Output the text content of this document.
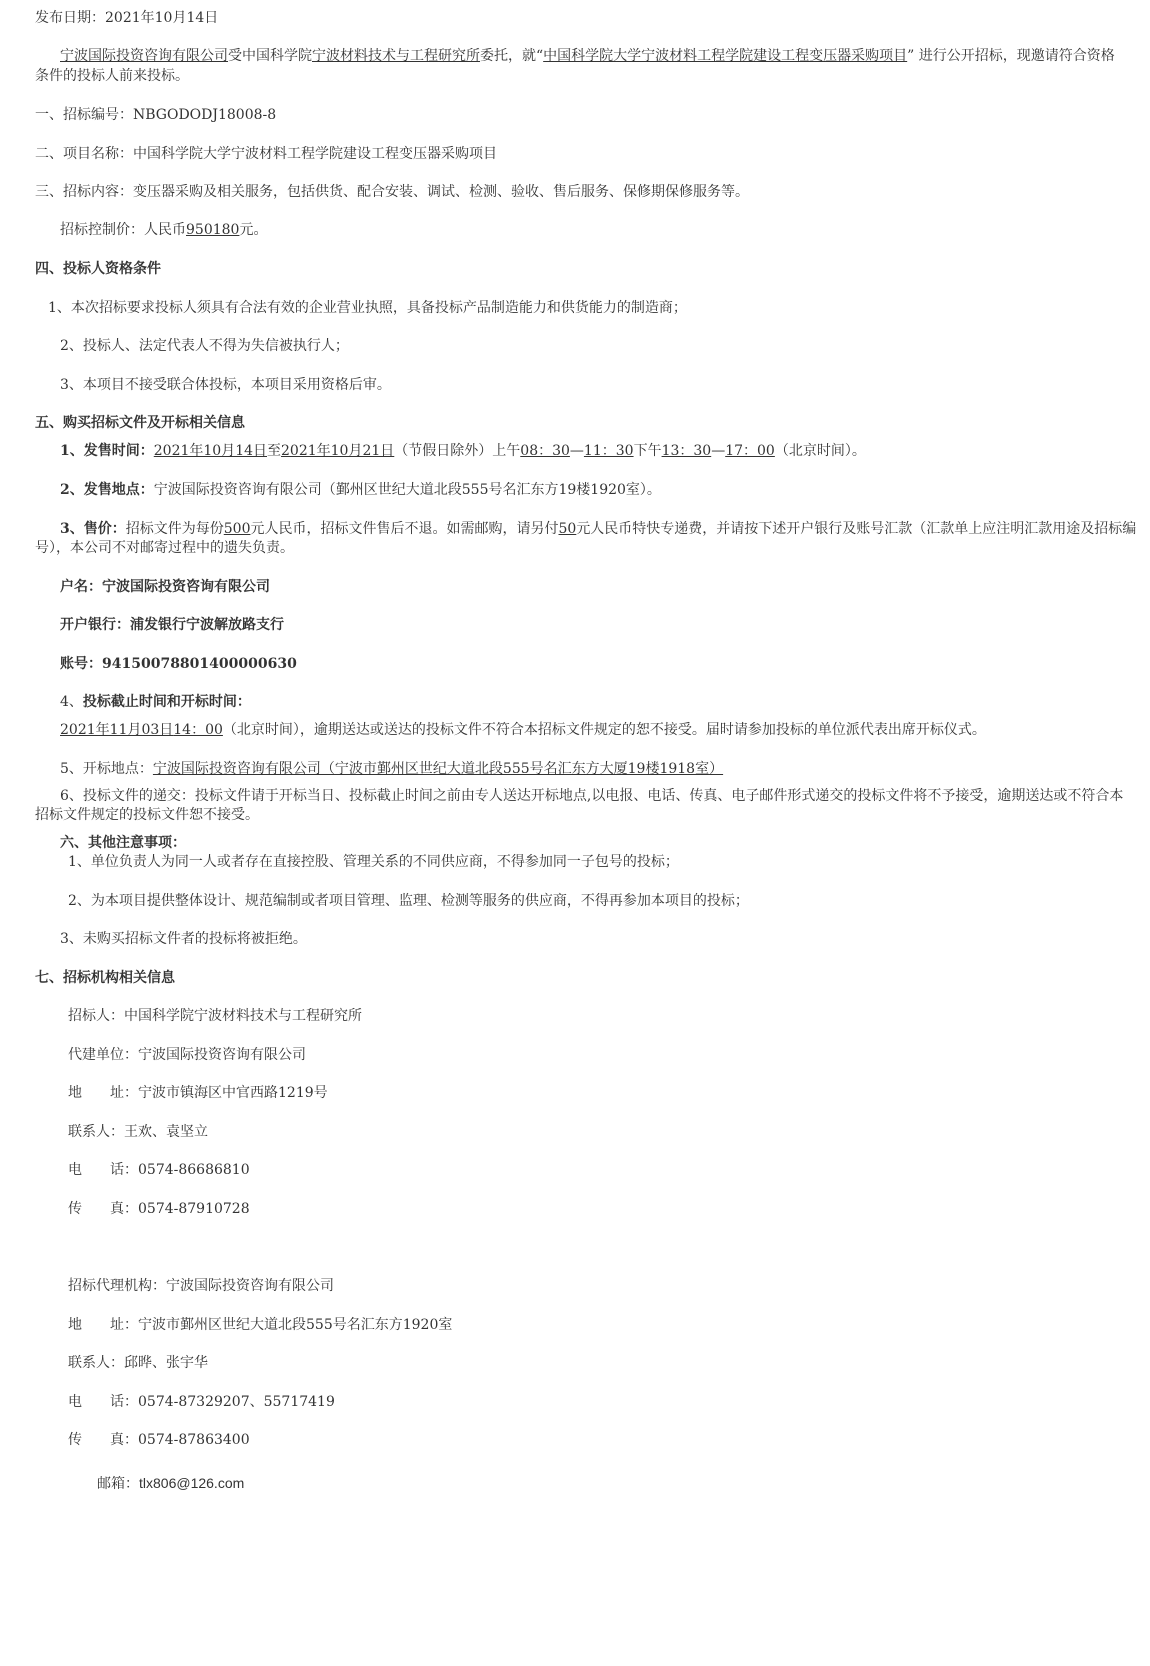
发布日期：2021年10月14日
宁波国际投资咨询有限公司受中国科学院宁波材料技术与工程研究所委托，就“中国科学院大学宁波材料工程学院建设工程变压器采购项目” 进行公开招标，现邀请符合资格
条件的投标人前来投标。
一、招标编号：NBGODODJ18008-8
二、项目名称：中国科学院大学宁波材料工程学院建设工程变压器采购项目
三、招标内容：变压器采购及相关服务，包括供货、配合安装、调试、检测、验收、售后服务、保修期保修服务等。
招标控制价：人民币950180元。
四、投标人资格条件
1、本次招标要求投标人须具有合法有效的企业营业执照，具备投标产品制造能力和供货能力的制造商；
2、投标人、法定代表人不得为失信被执行人；
3、本项目不接受联合体投标，本项目采用资格后审。
五、购买招标文件及开标相关信息
1、发售时间：2021年10月14日至2021年10月21日（节假日除外）上午08：30—11：30下午13：30—17：00（北京时间）。
2、发售地点：宁波国际投资咨询有限公司（鄞州区世纪大道北段555号名汇东方19楼1920室）。
3、售价：招标文件为每份500元人民币，招标文件售后不退。如需邮购，请另付50元人民币特快专递费，并请按下述开户银行及账号汇款（汇款单上应注明汇款用途及招标编
号），本公司不对邮寄过程中的遗失负责。
户名：宁波国际投资咨询有限公司
开户银行：浦发银行宁波解放路支行
账号：94150078801400000630
4、投标截止时间和开标时间：
2021年11月03日14：00（北京时间），逾期送达或送达的投标文件不符合本招标文件规定的恕不接受。届时请参加投标的单位派代表出席开标仪式。
5、开标地点：宁波国际投资咨询有限公司（宁波市鄞州区世纪大道北段555号名汇东方大厦19楼1918室）
6、投标文件的递交：投标文件请于开标当日、投标截止时间之前由专人送达开标地点,以电报、电话、传真、电子邮件形式递交的投标文件将不予接受，逾期送达或不符合本
招标文件规定的投标文件恕不接受。
六、其他注意事项：
1、单位负责人为同一人或者存在直接控股、管理关系的不同供应商，不得参加同一子包号的投标；
2、为本项目提供整体设计、规范编制或者项目管理、监理、检测等服务的供应商，不得再参加本项目的投标；
3、未购买招标文件者的投标将被拒绝。
七、招标机构相关信息
招标人：中国科学院宁波材料技术与工程研究所
代建单位：宁波国际投资咨询有限公司
地　　址：宁波市镇海区中官西路1219号
联系人：王欢、袁坚立
电　　话：0574-86686810
传　　真：0574-87910728
招标代理机构：宁波国际投资咨询有限公司
地　　址：宁波市鄞州区世纪大道北段555号名汇东方1920室
联系人：邱晔、张宇华
电　　话：0574-87329207、55717419
传　　真：0574-87863400
邮箱：tlx806@126.com
